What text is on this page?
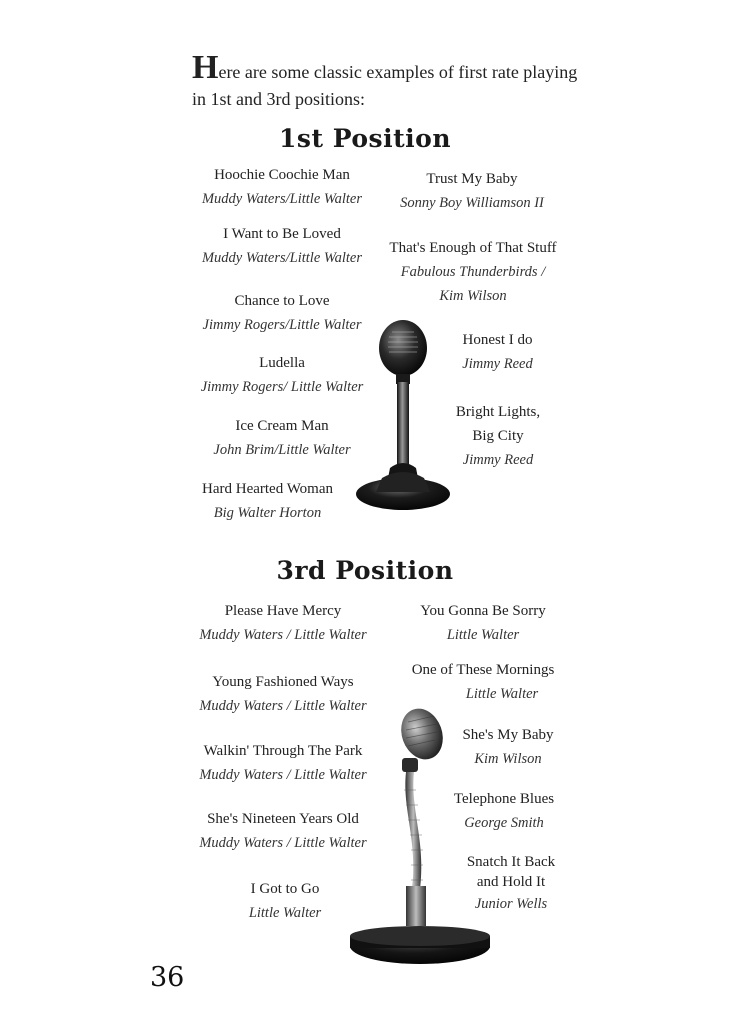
Here are some classic examples of first rate playing in 1st and 3rd positions:
1st Position
Hoochie Coochie Man
Muddy Waters/Little Walter
I Want to Be Loved
Muddy Waters/Little Walter
Chance to Love
Jimmy Rogers/Little Walter
Ludella
Jimmy Rogers/ Little Walter
Ice Cream Man
John Brim/Little Walter
Hard Hearted Woman
Big Walter Horton
Trust My Baby
Sonny Boy Williamson II
That's Enough of That Stuff
Fabulous Thunderbirds / Kim Wilson
Honest I do
Jimmy Reed
Bright Lights, Big City
Jimmy Reed
3rd Position
Please Have Mercy
Muddy Waters / Little Walter
Young Fashioned Ways
Muddy Waters / Little Walter
Walkin' Through The Park
Muddy Waters / Little Walter
She's Nineteen Years Old
Muddy Waters / Little Walter
I Got to Go
Little Walter
You Gonna Be Sorry
Little Walter
One of These Mornings
Little Walter
She's My Baby
Kim Wilson
Telephone Blues
George Smith
Snatch It Back and Hold It
Junior Wells
36
